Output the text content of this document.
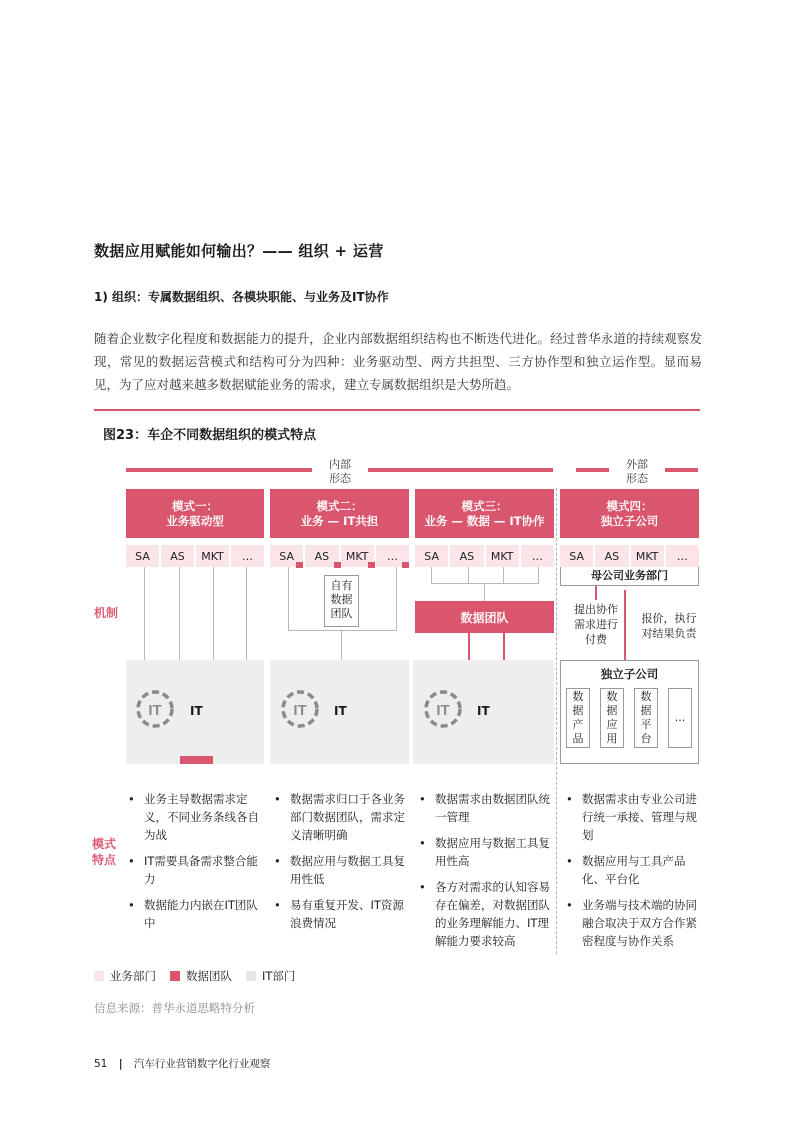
数据应用赋能如何输出？—— 组织 + 运营
1) 组织：专属数据组织、各模块职能、与业务及IT协作
随着企业数字化程度和数据能力的提升，企业内部数据组织结构也不断迭代进化。经过普华永道的持续观察发现，常见的数据运营模式和结构可分为四种：业务驱动型、两方共担型、三方协作型和独立运作型。显而易见，为了应对越来越多数据赋能业务的需求，建立专属数据组织是大势所趋。
图23：车企不同数据组织的模式特点
内部
形态
外部
形态
模式一：
业务驱动型
模式二：
业务 — IT共担
模式三：
业务 — 数据 — IT协作
模式四：
独立子公司
SA	AS	MKT	…	SA	AS	MKT	…	SA	AS	MKT	…	SA	AS	MKT	…
机制
模式
特点
自有
数据
团队	数据团队
母公司业务部门
提出协作
需求进行
付费
报价，执行
对结果负责
IT IT	IT IT	IT IT
独立子公司
数
据
产
品
数
据
应
用
数
据
平
台
…
• 业务主导数据需求定义，不同业务条线各自为战
• IT需要具备需求整合能力
• 数据能力内嵌在IT团队中
• 数据需求归口于各业务部门数据团队，需求定义清晰明确
• 数据应用与数据工具复用性低
• 易有重复开发、IT资源浪费情况
• 数据需求由数据团队统一管理
• 数据应用与数据工具复用性高
• 各方对需求的认知容易存在偏差，对数据团队的业务理解能力、IT理解能力要求较高
• 数据需求由专业公司进行统一承接、管理与规划
• 数据应用与工具产品化、平台化
• 业务端与技术端的协同融合取决于双方合作紧密程度与协作关系
业务部门	数据团队	IT部门
信息来源：普华永道思略特分析
51 | 汽车行业营销数字化行业观察
